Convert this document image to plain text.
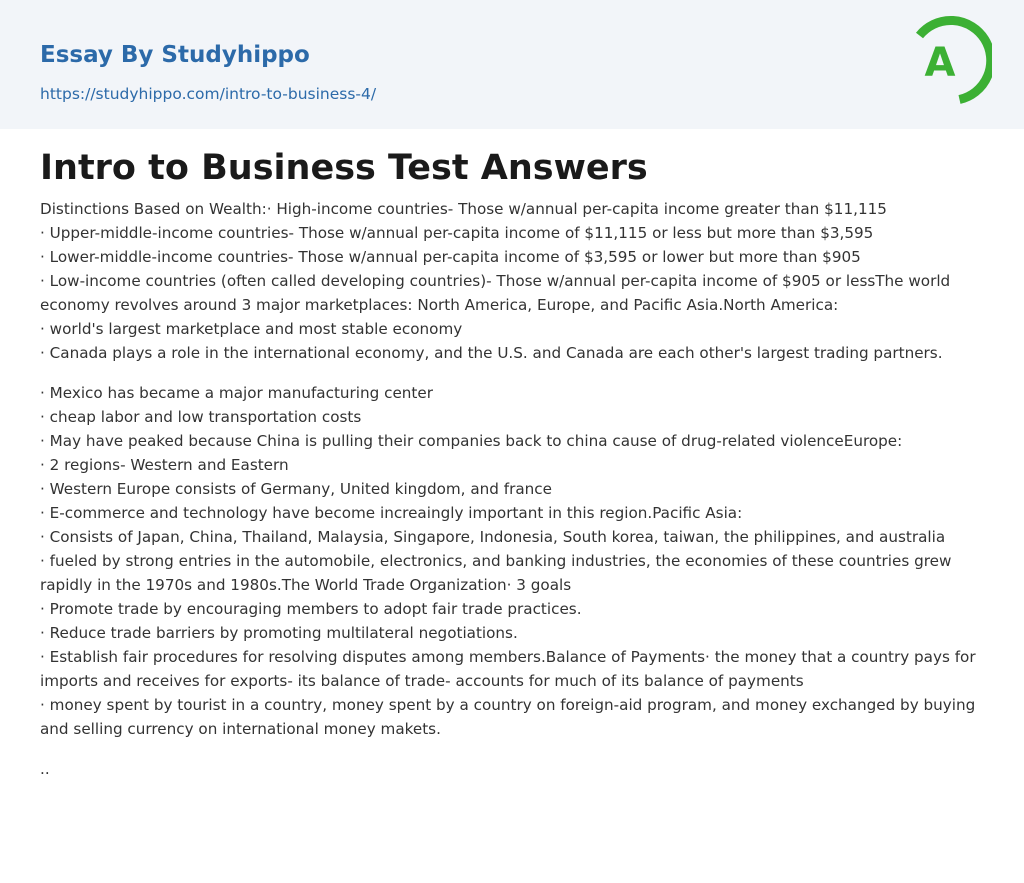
Essay By Studyhippo
https://studyhippo.com/intro-to-business-4/
A
Intro to Business Test Answers

Distinctions Based on Wealth:· High-income countries- Those w/annual per-capita income greater than $11,115
· Upper-middle-income countries- Those w/annual per-capita income of $11,115 or less but more than $3,595
· Lower-middle-income countries- Those w/annual per-capita income of $3,595 or lower but more than $905
· Low-income countries (often called developing countries)- Those w/annual per-capita income of $905 or lessThe world economy revolves around 3 major marketplaces: North America, Europe, and Pacific Asia.North America:
· world's largest marketplace and most stable economy
· Canada plays a role in the international economy, and the U.S. and Canada are each other's largest trading partners.

· Mexico has became a major manufacturing center
· cheap labor and low transportation costs
· May have peaked because China is pulling their companies back to china cause of drug-related violenceEurope:
· 2 regions- Western and Eastern
· Western Europe consists of Germany, United kingdom, and france
· E-commerce and technology have become increaingly important in this region.Pacific Asia:
· Consists of Japan, China, Thailand, Malaysia, Singapore, Indonesia, South korea, taiwan, the philippines, and australia
· fueled by strong entries in the automobile, electronics, and banking industries, the economies of these countries grew rapidly in the 1970s and 1980s.The World Trade Organization· 3 goals
· Promote trade by encouraging members to adopt fair trade practices.
· Reduce trade barriers by promoting multilateral negotiations.
· Establish fair procedures for resolving disputes among members.Balance of Payments· the money that a country pays for imports and receives for exports- its balance of trade- accounts for much of its balance of payments
· money spent by tourist in a country, money spent by a country on foreign-aid program, and money exchanged by buying and selling currency on international money makets.

..
